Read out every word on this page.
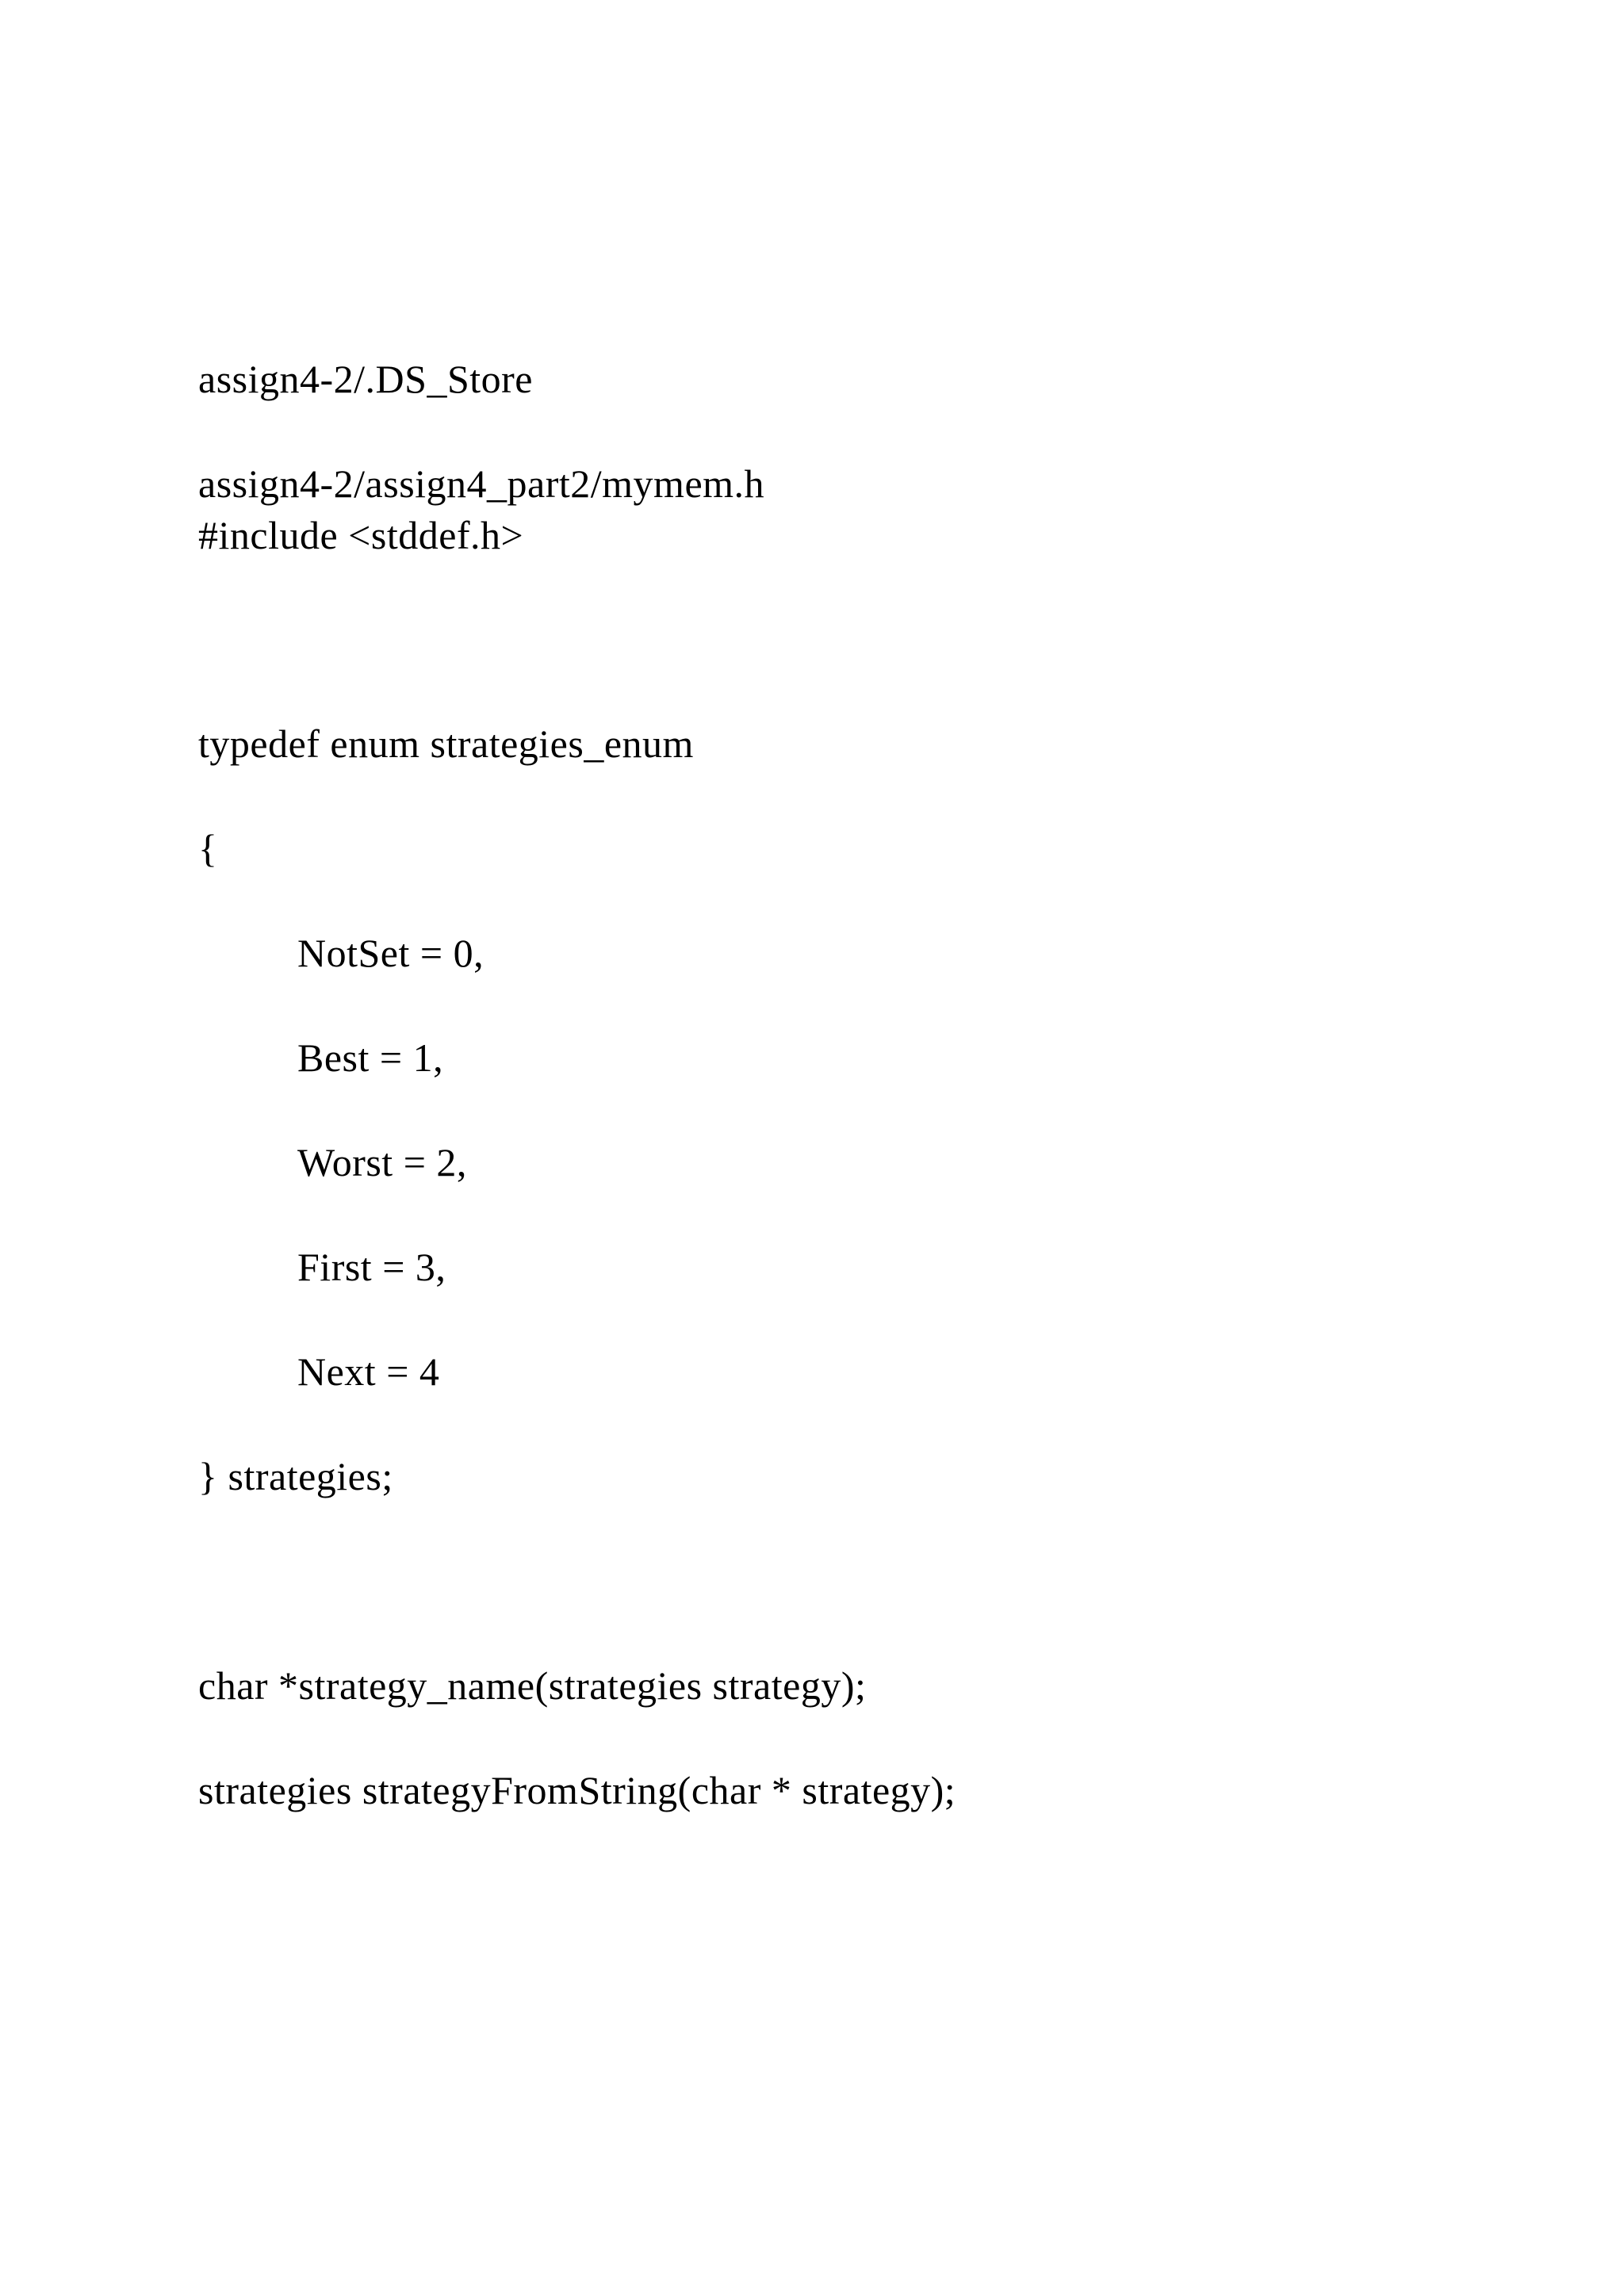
assign4-2/.DS_Store
assign4-2/assign4_part2/mymem.h
#include <stddef.h>
typedef enum strategies_enum
{
NotSet = 0,
Best = 1,
Worst = 2,
First = 3,
Next = 4
} strategies;
char *strategy_name(strategies strategy);
strategies strategyFromString(char * strategy);
